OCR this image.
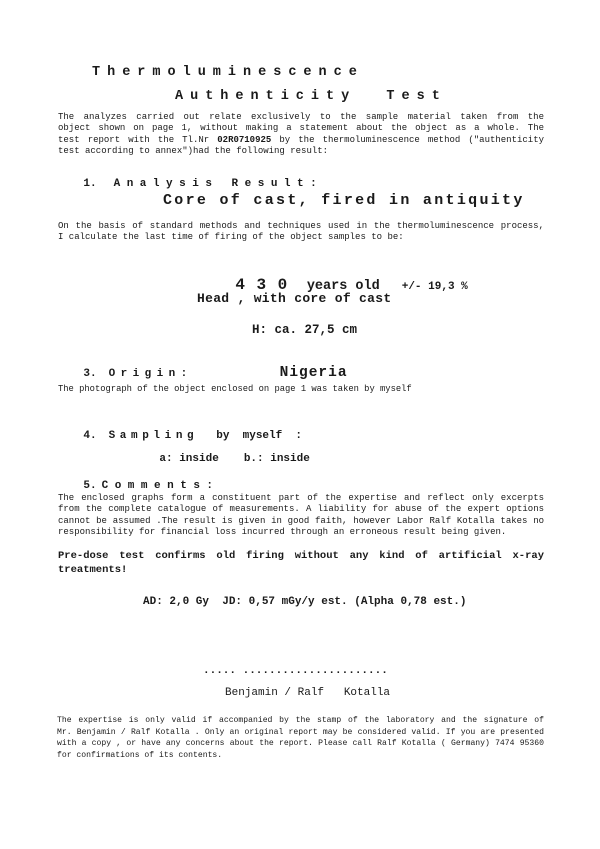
Thermoluminescence
Authenticity  Test
The analyzes carried out relate exclusively to the sample material taken from the
object shown on page 1, without making a statement about the object as a whole. The
test report with the Tl.Nr 02R0710925 by the thermoluminescence method ("authenticity
test according to annex")had the following result:

1. Analysis Result:

Core of cast, fired in antiquity
On the basis of standard methods and techniques used in the thermoluminescence process,
I calculate the last time of firing of the object samples to be:

430 years old +/- 19,3 %

Head , with core of cast
H: ca. 27,5 cm

3. Origin:	Nigeria

The photograph of the object enclosed on page 1 was taken by myself

4. Sampling by  myself  :

a: inside b.: inside

5. Comments:

The enclosed graphs form a constituent part of the expertise and reflect only excerpts
from the complete catalogue of measurements. A liability for abuse of the expert options
cannot be assumed .The result is given in good faith, however Labor Ralf Kotalla takes no
responsibility for financial loss incurred through an erroneous result being given.
Pre-dose test confirms old firing without any kind of artificial x-ray
treatments!
AD: 2,0 Gy  JD: 0,57 mGy/y est. (Alpha 0,78 est.)
..... ......................
Benjamin / Ralf   Kotalla
The expertise is only valid if accompanied by the stamp of the laboratory and the signature of
Mr. Benjamin / Ralf Kotalla . Only an original report may be considered valid. If you are presented
with a copy , or have any concerns about the report. Please call Ralf Kotalla ( Germany) 7474 95360
for confirmations of its contents.
